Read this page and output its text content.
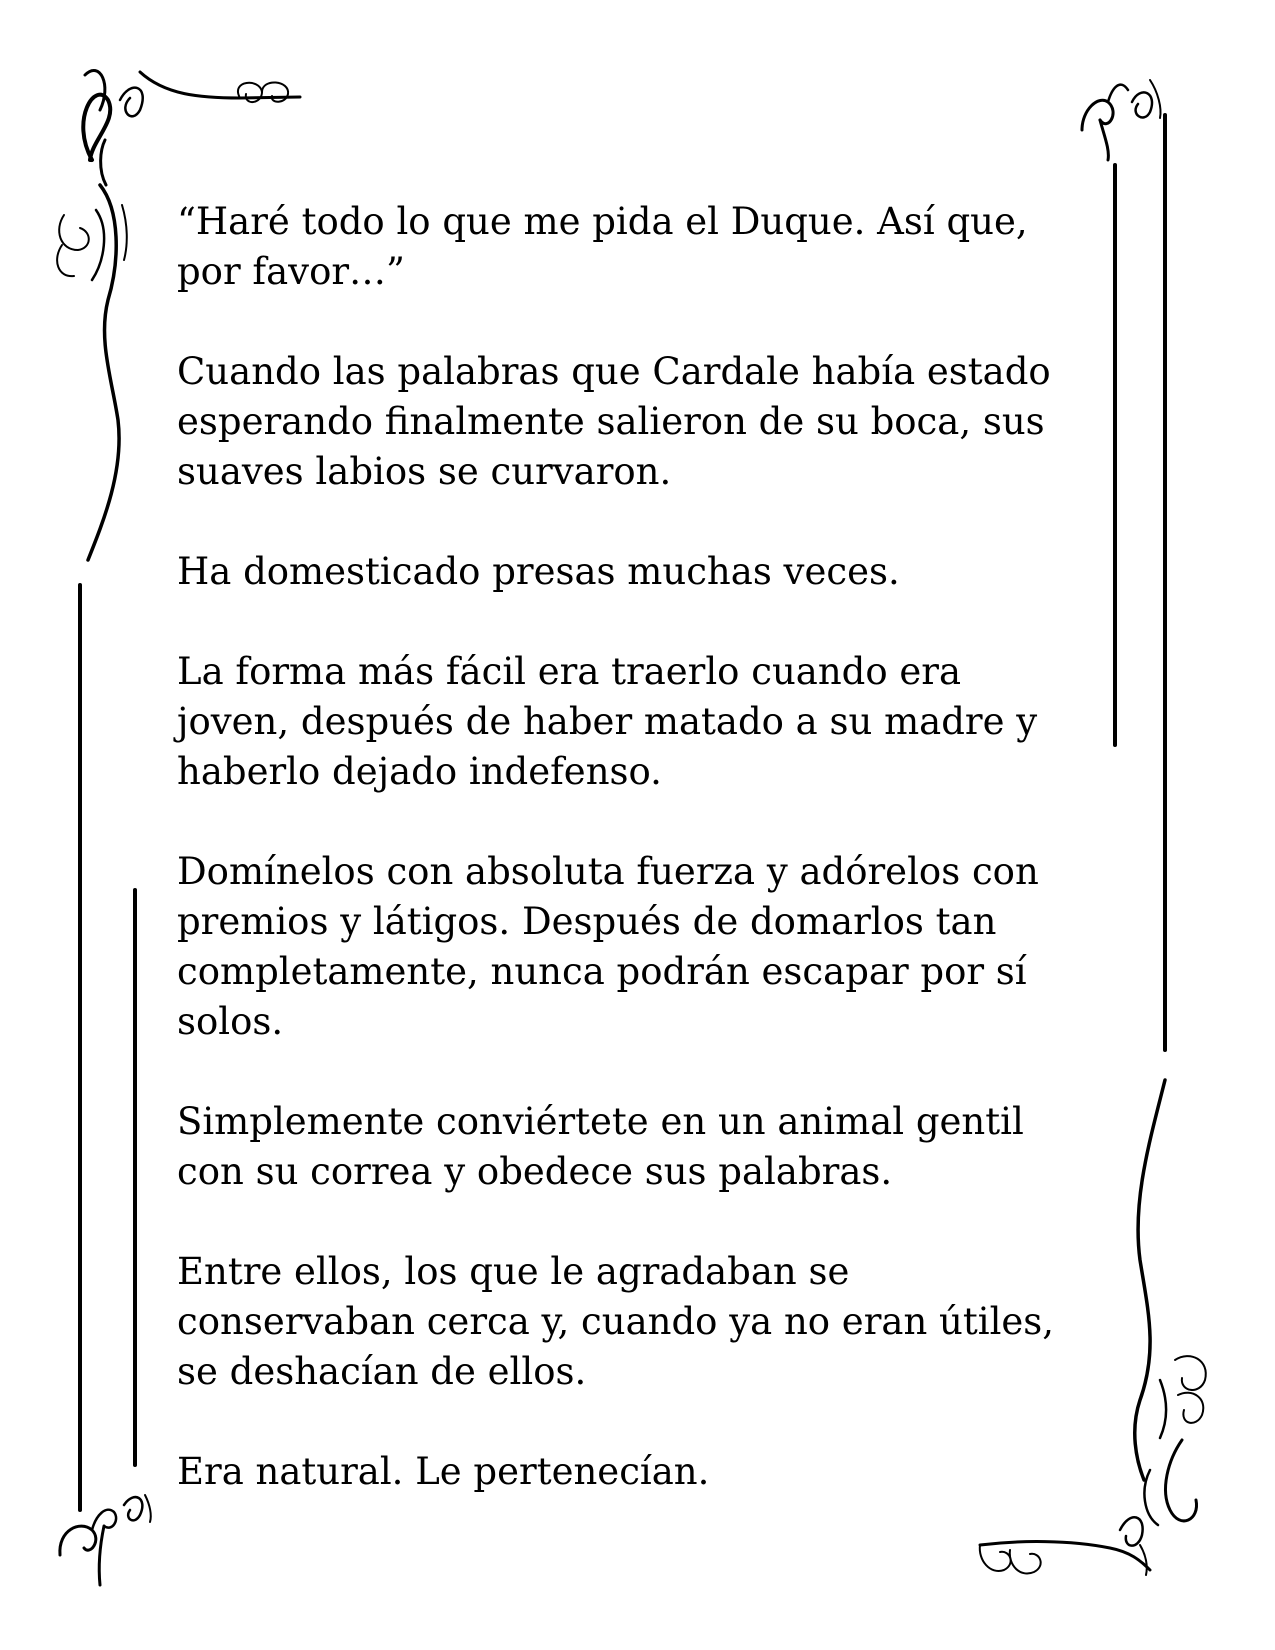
“Haré todo lo que me pida el Duque. Así que,
por favor…”

Cuando las palabras que Cardale había estado
esperando finalmente salieron de su boca, sus
suaves labios se curvaron.

Ha domesticado presas muchas veces.

La forma más fácil era traerlo cuando era
joven, después de haber matado a su madre y
haberlo dejado indefenso.

Domínelos con absoluta fuerza y adórelos con
premios y látigos. Después de domarlos tan
completamente, nunca podrán escapar por sí
solos.

Simplemente conviértete en un animal gentil
con su correa y obedece sus palabras.

Entre ellos, los que le agradaban se
conservaban cerca y, cuando ya no eran útiles,
se deshacían de ellos.

Era natural. Le pertenecían.
